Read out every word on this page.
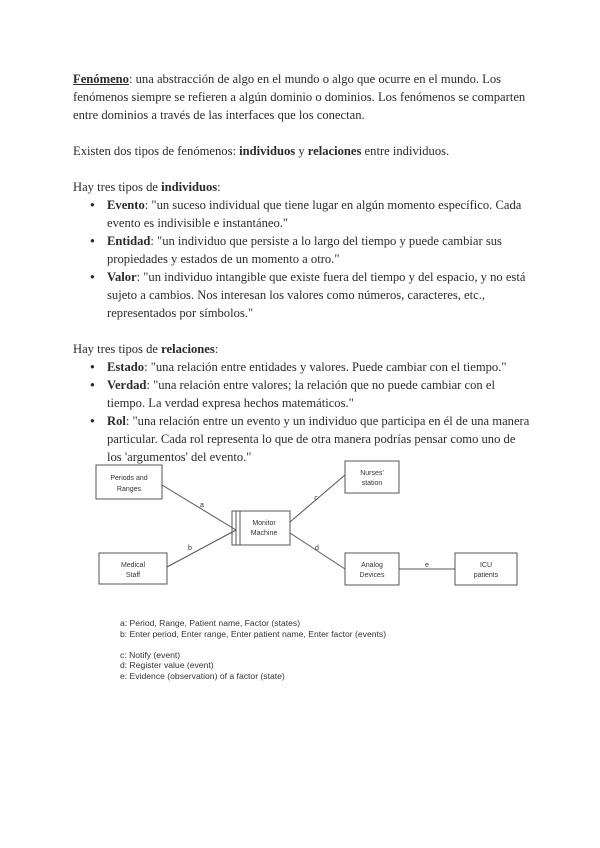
Fenómeno: una abstracción de algo en el mundo o algo que ocurre en el mundo. Los fenómenos siempre se refieren a algún dominio o dominios. Los fenómenos se comparten entre dominios a través de las interfaces que los conectan.

Existen dos tipos de fenómenos: individuos y relaciones entre individuos.

Hay tres tipos de individuos:

● Evento: "un suceso individual que tiene lugar en algún momento específico. Cada evento es indivisible e instantáneo."
● Entidad: "un individuo que persiste a lo largo del tiempo y puede cambiar sus propiedades y estados de un momento a otro."
● Valor: "un individuo intangible que existe fuera del tiempo y del espacio, y no está sujeto a cambios. Nos interesan los valores como números, caracteres, etc., representados por símbolos."

Hay tres tipos de relaciones:

● Estado: "una relación entre entidades y valores. Puede cambiar con el tiempo."
● Verdad: "una relación entre valores; la relación que no puede cambiar con el tiempo. La verdad expresa hechos matemáticos."
● Rol: "una relación entre un evento y un individuo que participa en él de una manera particular. Cada rol representa lo que de otra manera podrías pensar como uno de los 'argumentos' del evento."
Periods and
Ranges
Medical
Staff
Monitor
Machine
Nurses'
station
Analog
Devices
ICU
patients
a
b
c
d
e
a: Period, Range, Patient name, Factor (states)
b: Enter period, Enter range, Enter patient name, Enter factor (events)
c: Notify (event)
d: Register value (event)
e: Evidence (observation) of a factor (state)
